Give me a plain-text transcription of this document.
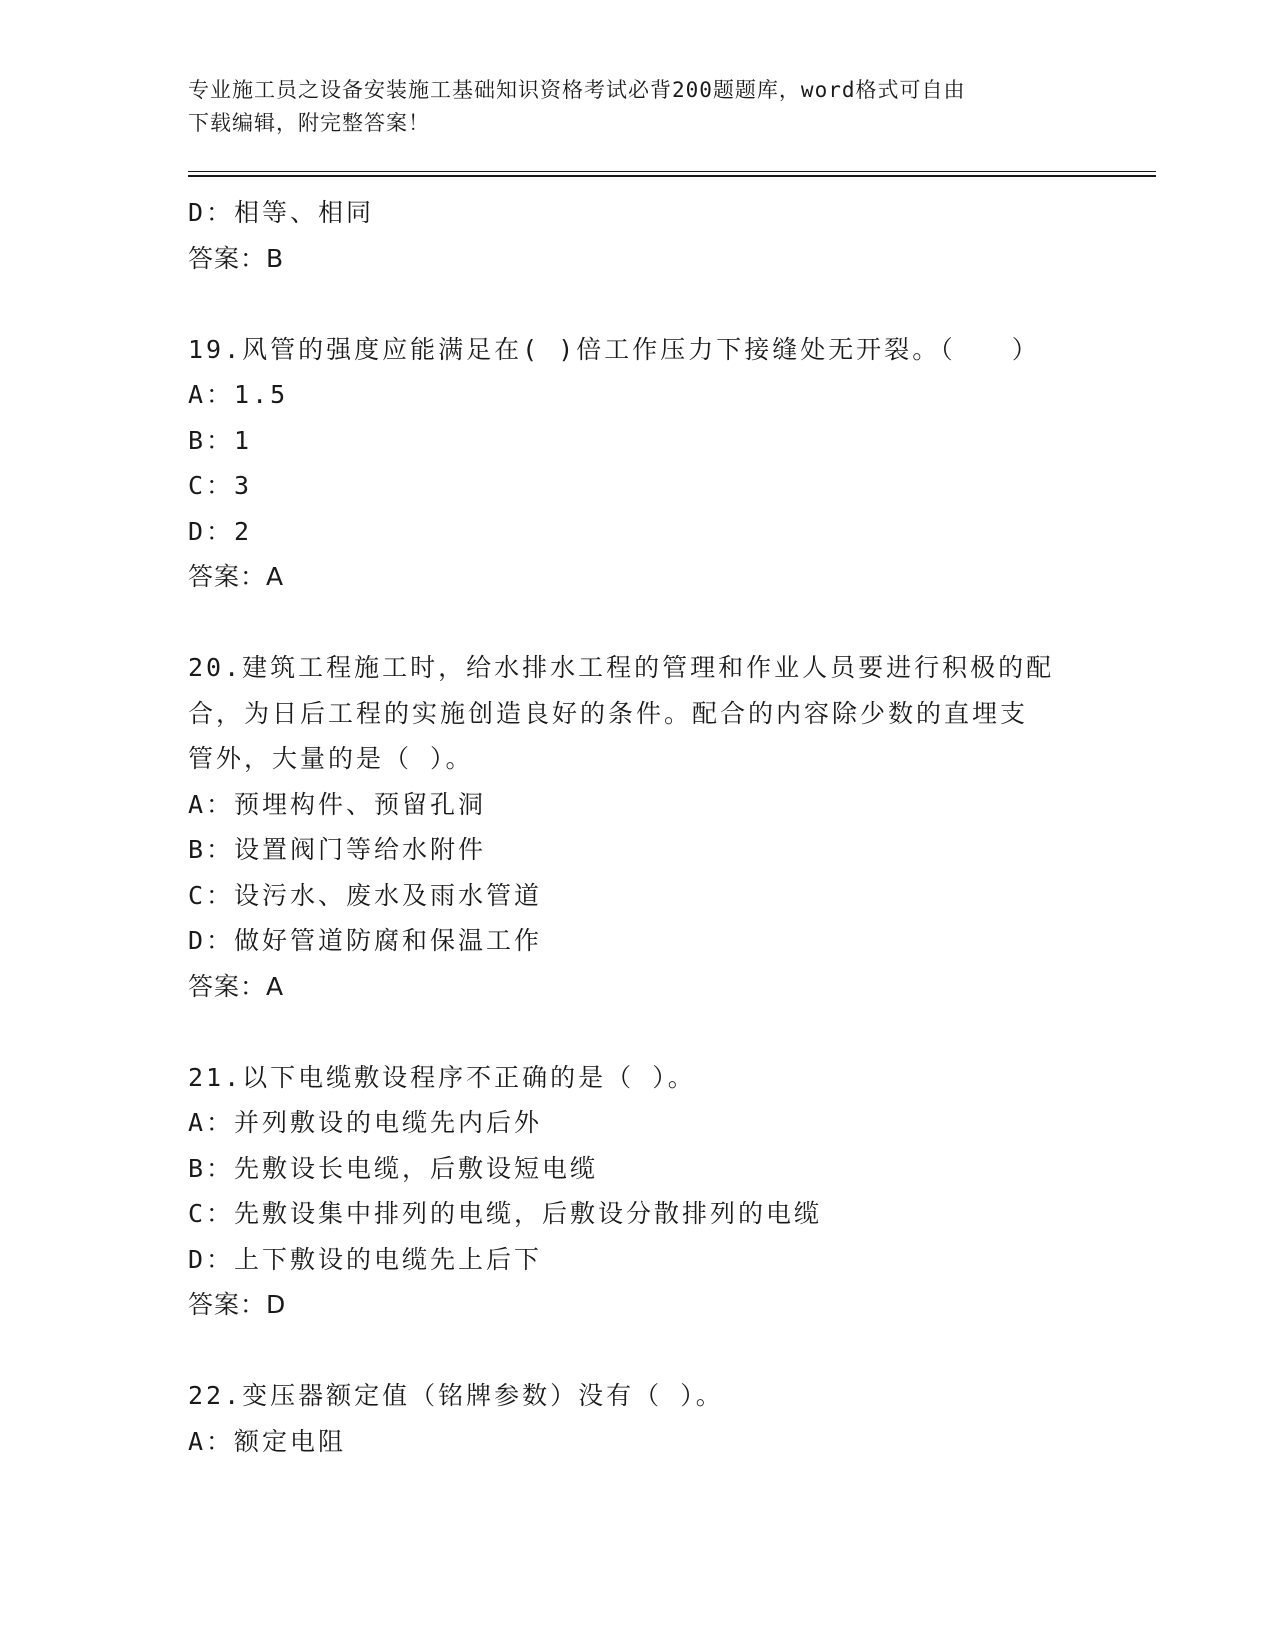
专业施工员之设备安装施工基础知识资格考试必背200题题库，word格式可自由
下载编辑，附完整答案！
D：相等、相同
答案：B
19.风管的强度应能满足在( )倍工作压力下接缝处无开裂。（　　）
A：1.5
B：1
C：3
D：2
答案：A
20.建筑工程施工时，给水排水工程的管理和作业人员要进行积极的配
合，为日后工程的实施创造良好的条件。配合的内容除少数的直埋支
管外，大量的是（ ）。
A：预埋构件、预留孔洞
B：设置阀门等给水附件
C：设污水、废水及雨水管道
D：做好管道防腐和保温工作
答案：A
21.以下电缆敷设程序不正确的是（ ）。
A：并列敷设的电缆先内后外
B：先敷设长电缆，后敷设短电缆
C：先敷设集中排列的电缆，后敷设分散排列的电缆
D：上下敷设的电缆先上后下
答案：D
22.变压器额定值（铭牌参数）没有（ ）。
A：额定电阻
